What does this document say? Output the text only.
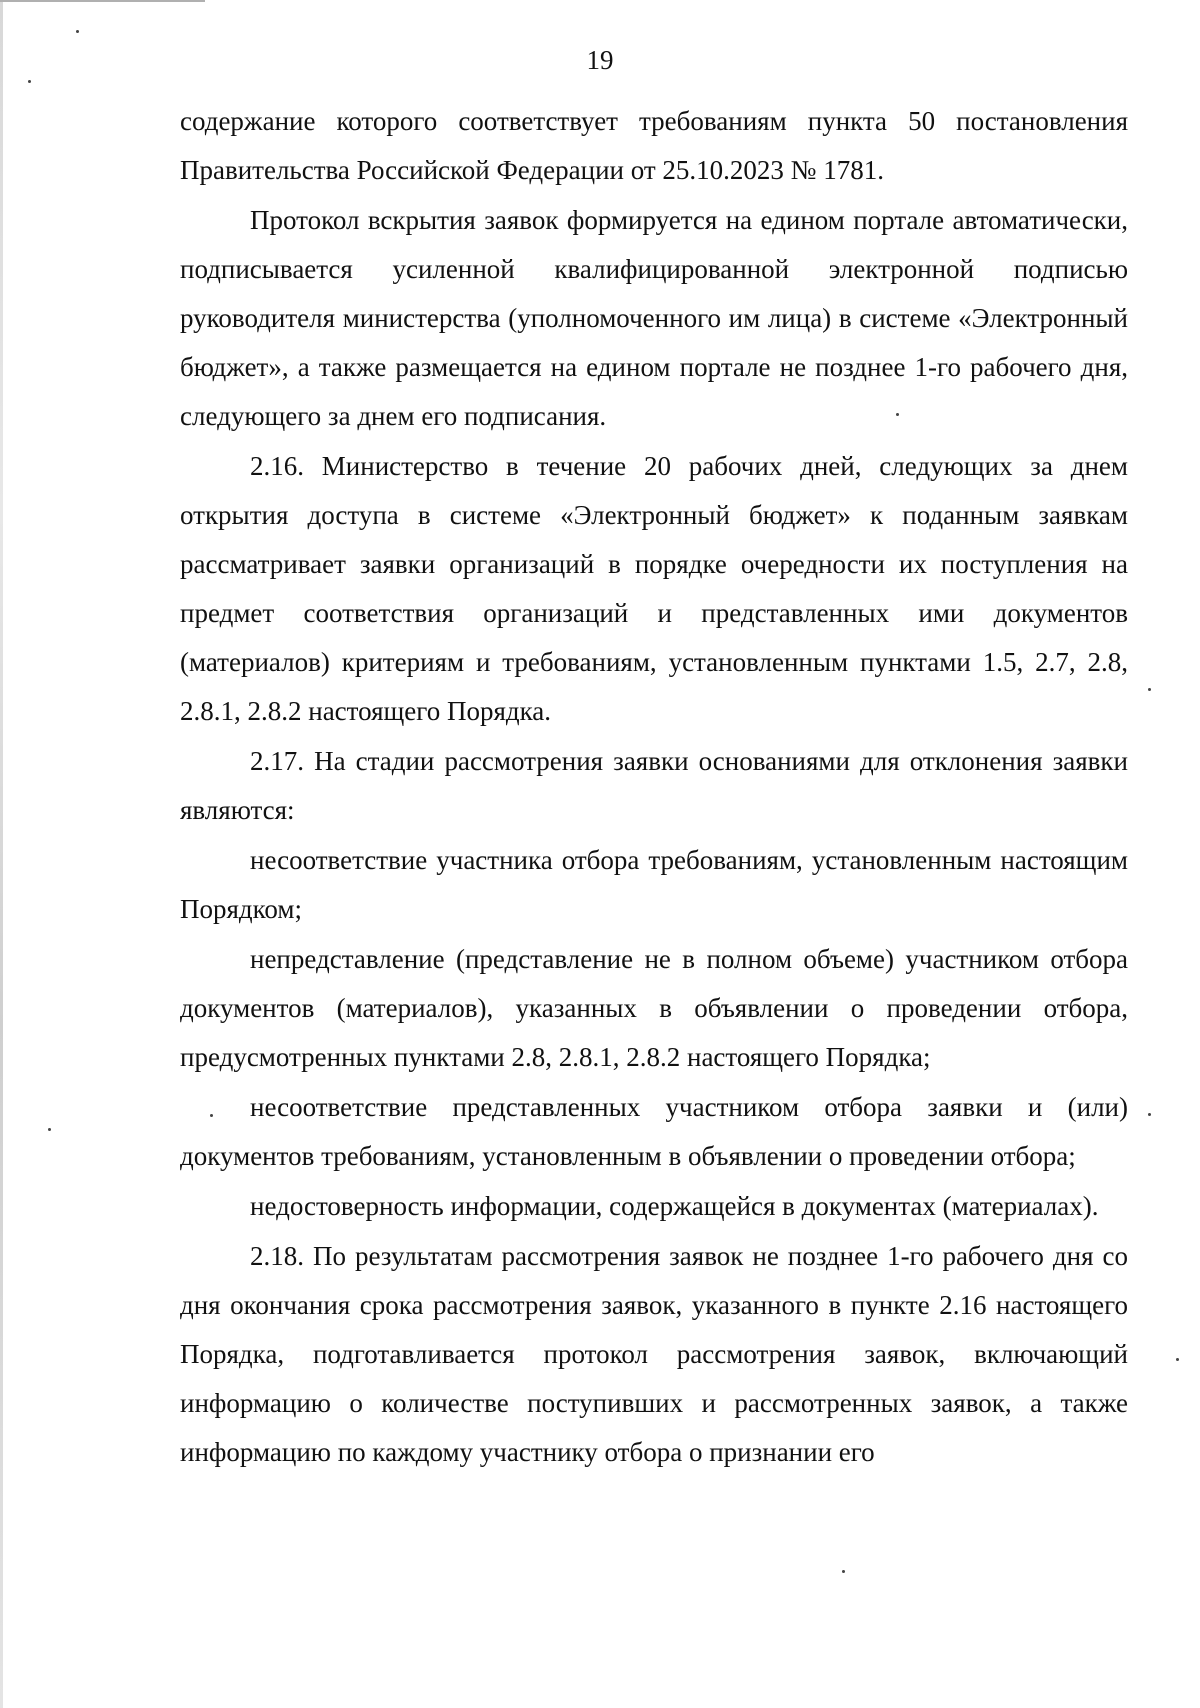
19

содержание которого соответствует требованиям пункта 50 постановления Правительства Российской Федерации от 25.10.2023 № 1781.

Протокол вскрытия заявок формируется на едином портале автоматически, подписывается усиленной квалифицированной электронной подписью руководителя министерства (уполномоченного им лица) в системе «Электронный бюджет», а также размещается на едином портале не позднее 1-го рабочего дня, следующего за днем его подписания.

2.16. Министерство в течение 20 рабочих дней, следующих за днем открытия доступа в системе «Электронный бюджет» к поданным заявкам рассматривает заявки организаций в порядке очередности их поступления на предмет соответствия организаций и представленных ими документов (материалов) критериям и требованиям, установленным пунктами 1.5, 2.7, 2.8, 2.8.1, 2.8.2 настоящего Порядка.

2.17. На стадии рассмотрения заявки основаниями для отклонения заявки являются:

несоответствие участника отбора требованиям, установленным настоящим Порядком;

непредставление (представление не в полном объеме) участником отбора документов (материалов), указанных в объявлении о проведении отбора, предусмотренных пунктами 2.8, 2.8.1, 2.8.2 настоящего Порядка;

несоответствие представленных участником отбора заявки и (или) документов требованиям, установленным в объявлении о проведении отбора;

недостоверность информации, содержащейся в документах (материалах).

2.18. По результатам рассмотрения заявок не позднее 1-го рабочего дня со дня окончания срока рассмотрения заявок, указанного в пункте 2.16 настоящего Порядка, подготавливается протокол рассмотрения заявок, включающий информацию о количестве поступивших и рассмотренных заявок, а также информацию по каждому участнику отбора о признании его
